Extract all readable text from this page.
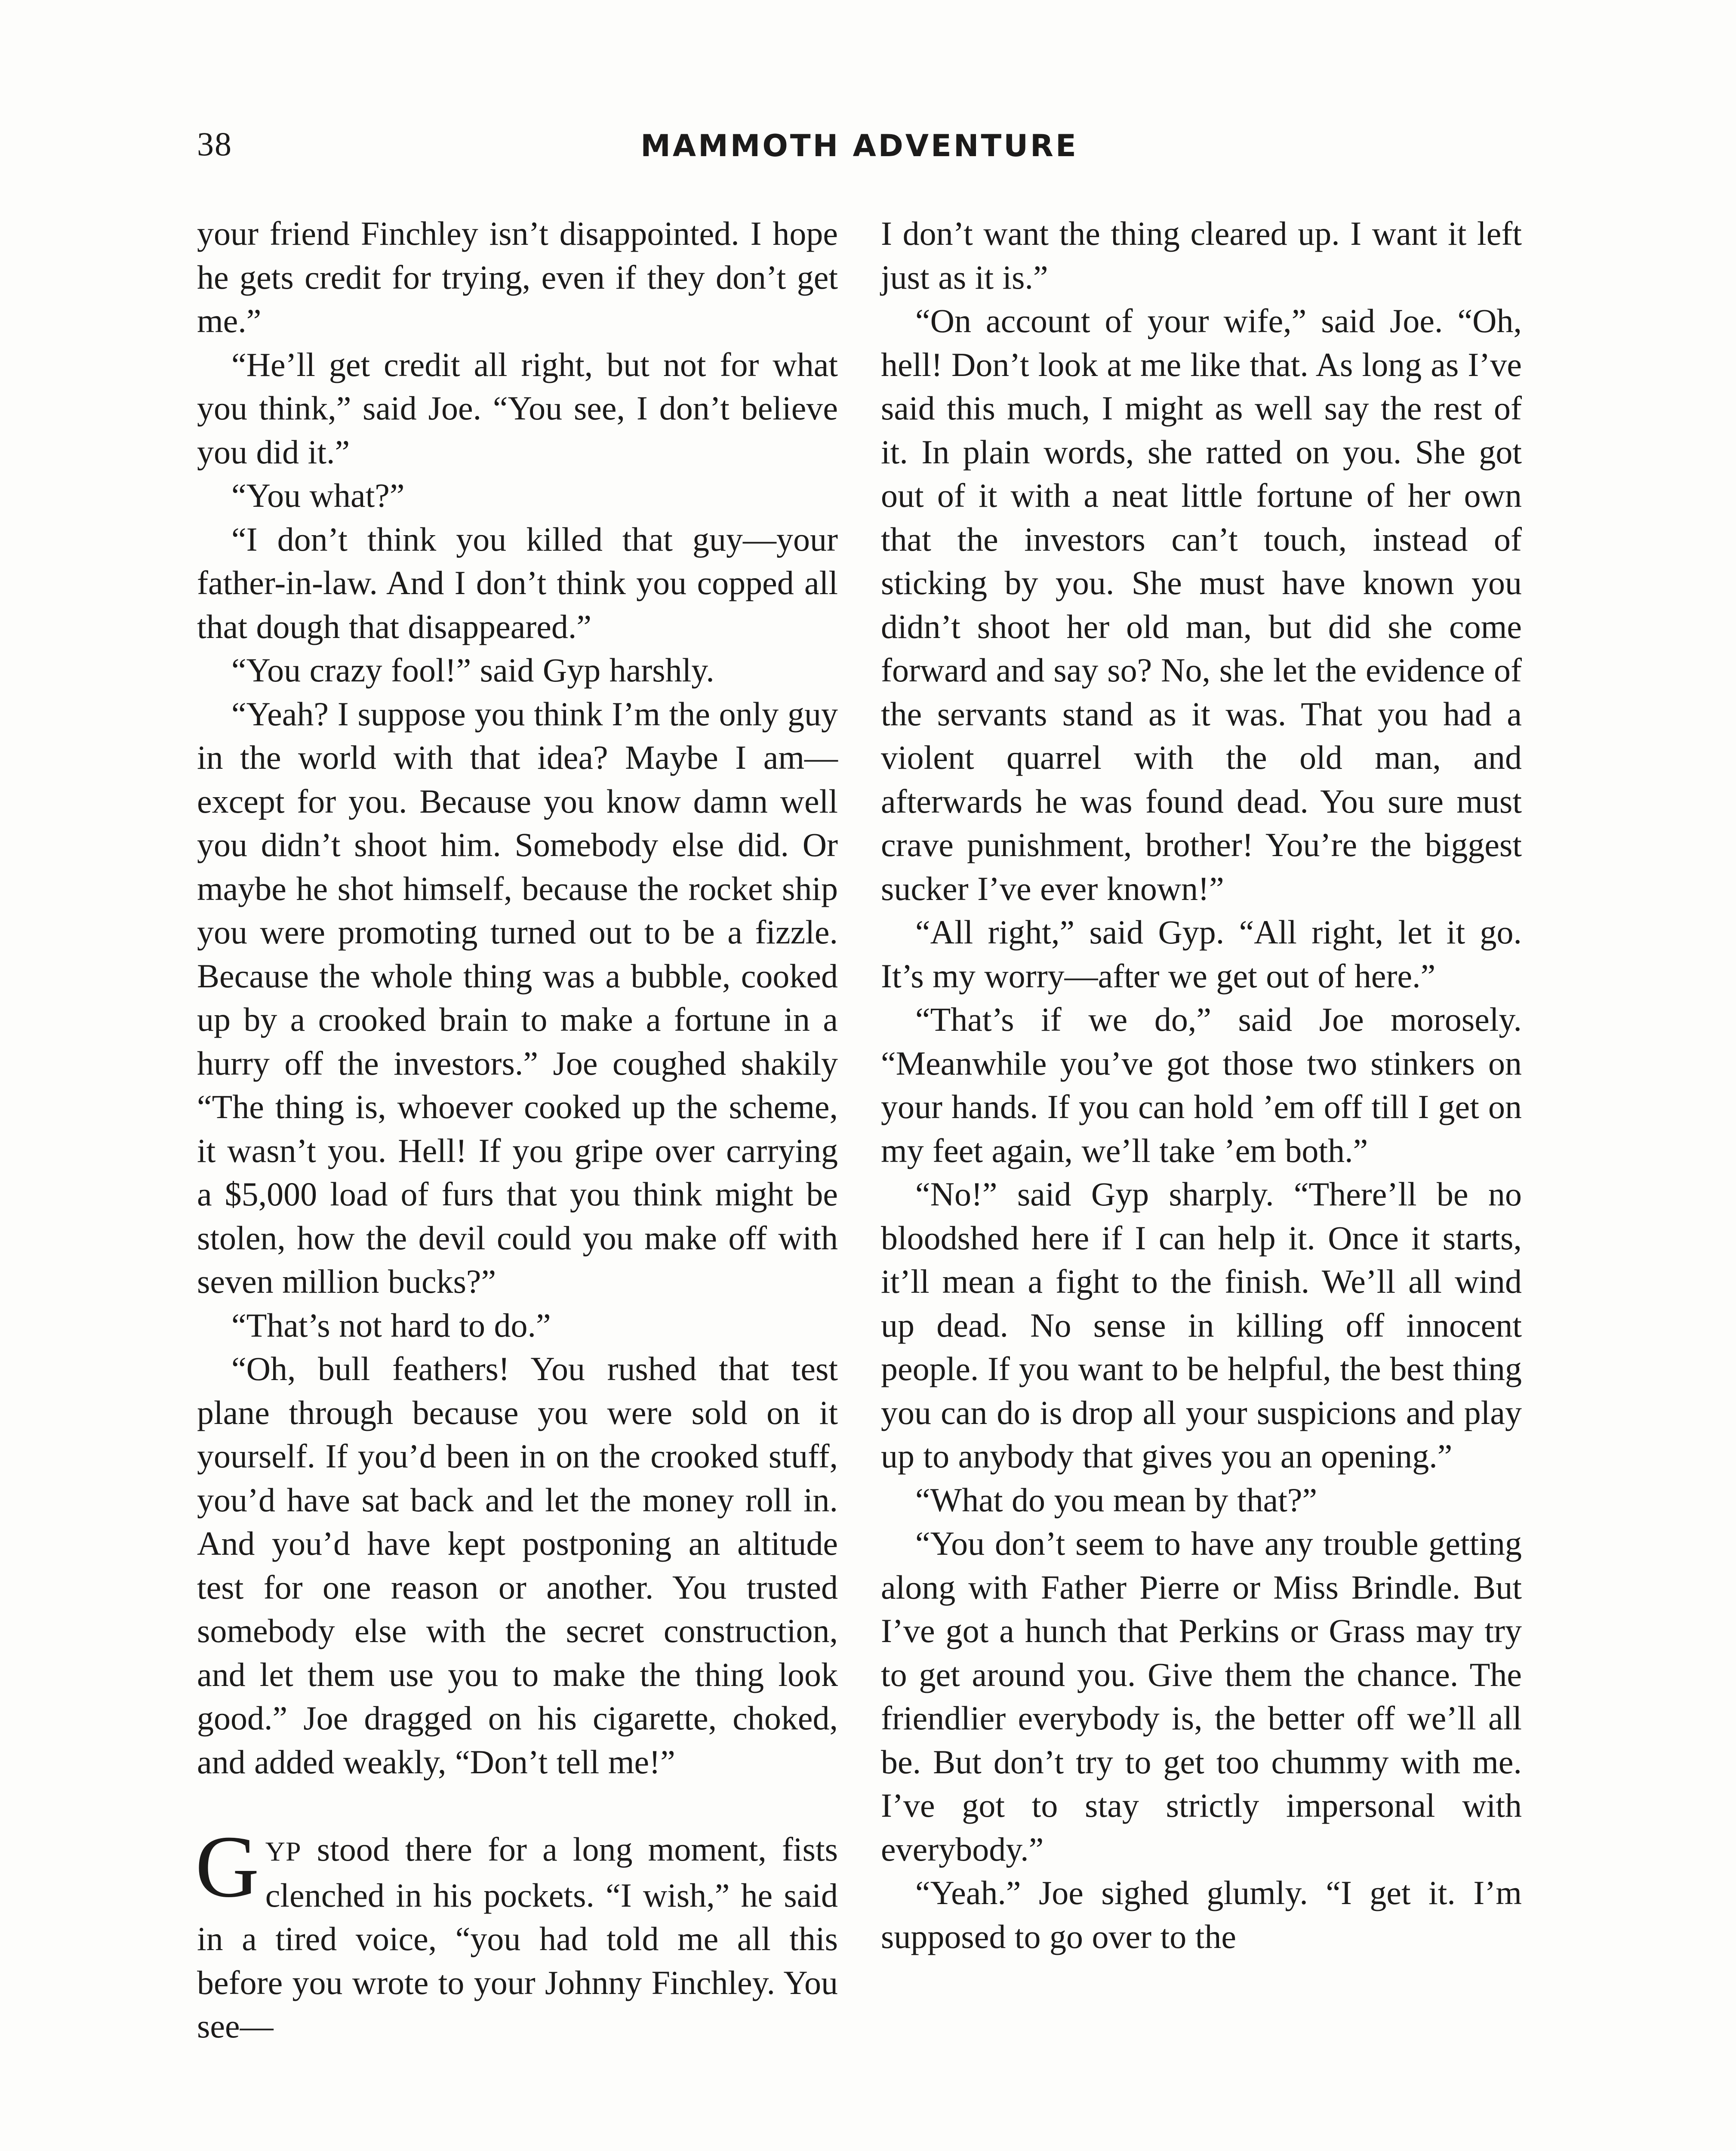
38	MAMMOTH ADVENTURE

your friend Finchley isn’t disappointed. I hope he gets credit for trying, even if they don’t get me.”

“He’ll get credit all right, but not for what you think,” said Joe. “You see, I don’t believe you did it.”

“You what?”

“I don’t think you killed that guy—your father-in-law. And I don’t think you copped all that dough that disappeared.”

“You crazy fool!” said Gyp harshly.

“Yeah? I suppose you think I’m the only guy in the world with that idea? Maybe I am—except for you. Because you know damn well you didn’t shoot him. Somebody else did. Or maybe he shot himself, because the rocket ship you were promoting turned out to be a fizzle. Because the whole thing was a bubble, cooked up by a crooked brain to make a fortune in a hurry off the investors.” Joe coughed shakily “The thing is, whoever cooked up the scheme, it wasn’t you. Hell! If you gripe over carrying a $5,000 load of furs that you think might be stolen, how the devil could you make off with seven million bucks?”

“That’s not hard to do.”

“Oh, bull feathers! You rushed that test plane through because you were sold on it yourself. If you’d been in on the crooked stuff, you’d have sat back and let the money roll in. And you’d have kept postponing an altitude test for one reason or another. You trusted somebody else with the secret construction, and let them use you to make the thing look good.” Joe dragged on his cigarette, choked, and added weakly, “Don’t tell me!”

GYP stood there for a long moment, fists clenched in his pockets. “I wish,” he said in a tired voice, “you had told me all this before you wrote to your Johnny Finchley. You see—

I don’t want the thing cleared up. I want it left just as it is.”

“On account of your wife,” said Joe. “Oh, hell! Don’t look at me like that. As long as I’ve said this much, I might as well say the rest of it. In plain words, she ratted on you. She got out of it with a neat little fortune of her own that the investors can’t touch, instead of sticking by you. She must have known you didn’t shoot her old man, but did she come forward and say so? No, she let the evidence of the servants stand as it was. That you had a violent quarrel with the old man, and afterwards he was found dead. You sure must crave punishment, brother! You’re the biggest sucker I’ve ever known!”

“All right,” said Gyp. “All right, let it go. It’s my worry—after we get out of here.”

“That’s if we do,” said Joe morosely. “Meanwhile you’ve got those two stinkers on your hands. If you can hold ’em off till I get on my feet again, we’ll take ’em both.”

“No!” said Gyp sharply. “There’ll be no bloodshed here if I can help it. Once it starts, it’ll mean a fight to the finish. We’ll all wind up dead. No sense in killing off innocent people. If you want to be helpful, the best thing you can do is drop all your suspicions and play up to anybody that gives you an opening.”

“What do you mean by that?”

“You don’t seem to have any trouble getting along with Father Pierre or Miss Brindle. But I’ve got a hunch that Perkins or Grass may try to get around you. Give them the chance. The friendlier everybody is, the better off we’ll all be. But don’t try to get too chummy with me. I’ve got to stay strictly impersonal with everybody.”

“Yeah.” Joe sighed glumly. “I get it. I’m supposed to go over to the
